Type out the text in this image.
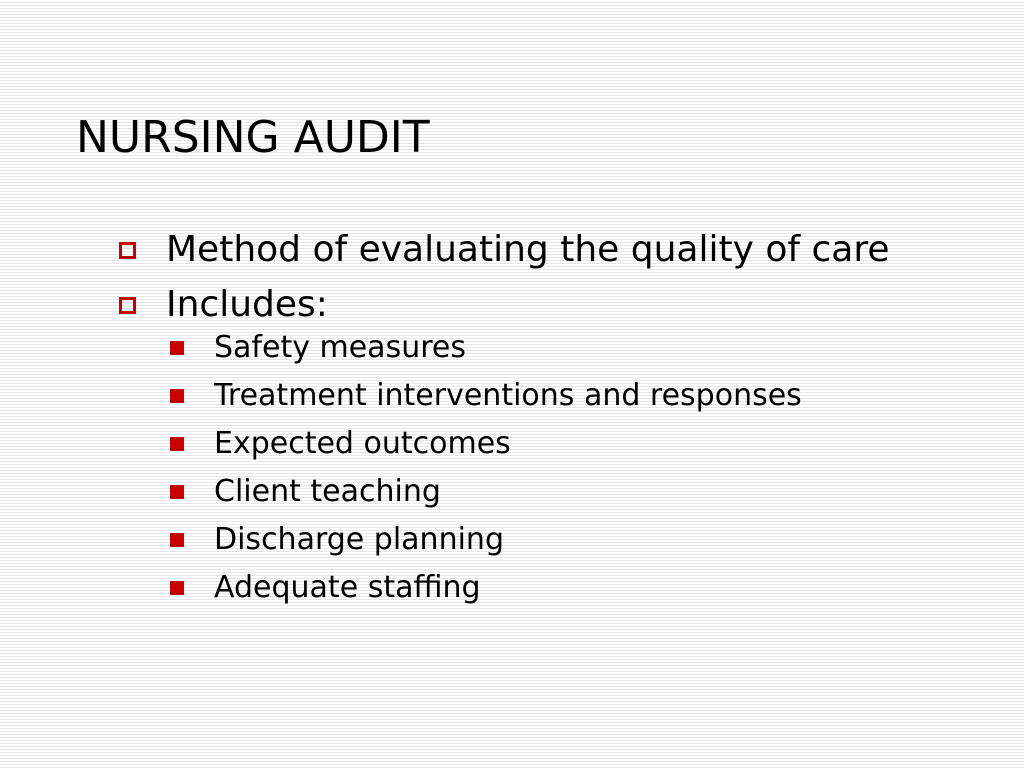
NURSING AUDIT
Method of evaluating the quality of care
Includes:
Safety measures
Treatment interventions and responses
Expected outcomes
Client teaching
Discharge planning
Adequate staffing
